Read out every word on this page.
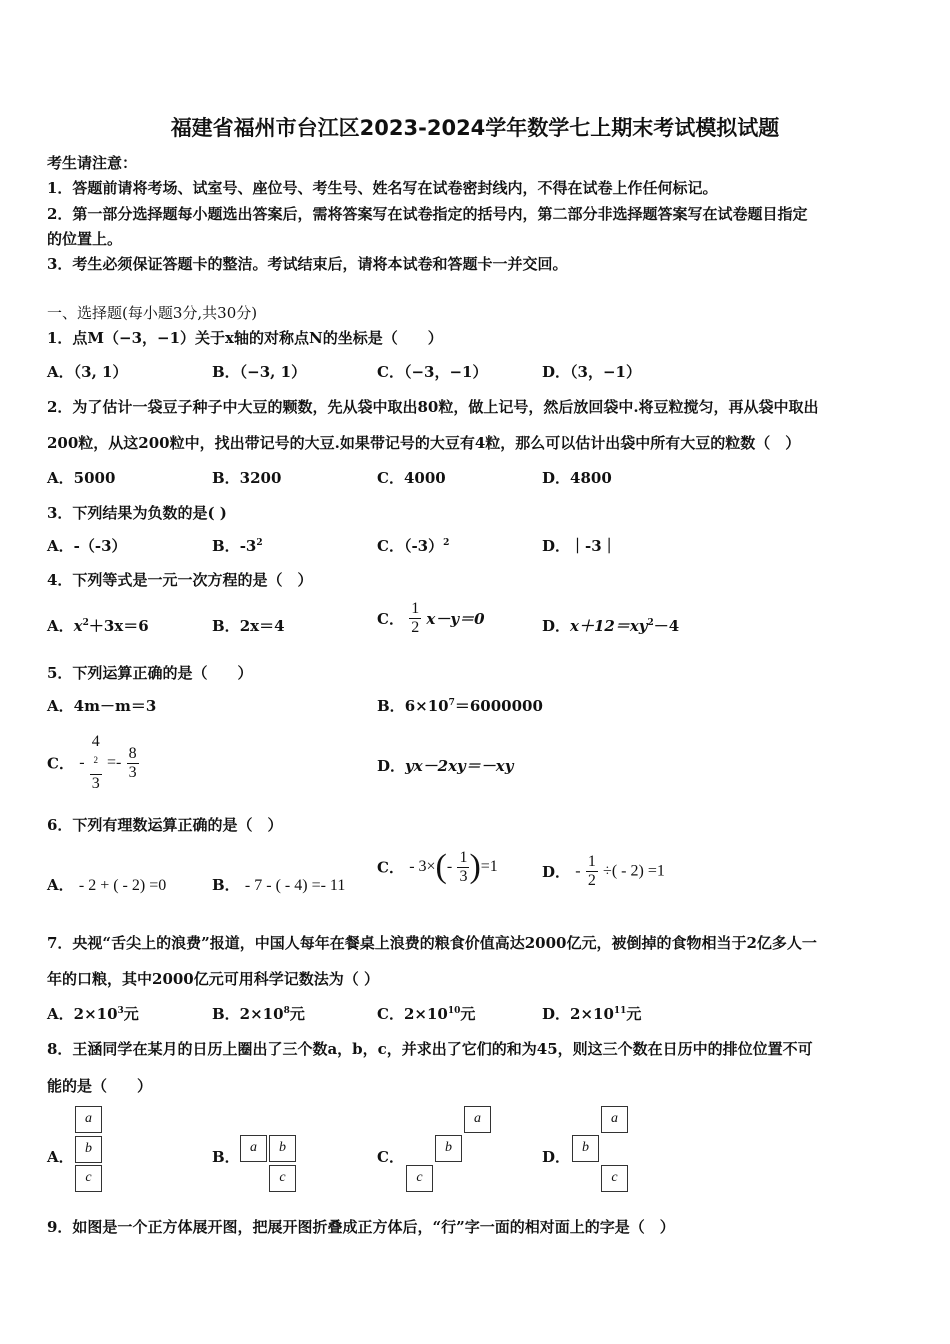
福建省福州市台江区2023-2024学年数学七上期末考试模拟试题
考生请注意：
1．答题前请将考场、试室号、座位号、考生号、姓名写在试卷密封线内，不得在试卷上作任何标记。
2．第一部分选择题每小题选出答案后，需将答案写在试卷指定的括号内，第二部分非选择题答案写在试卷题目指定
的位置上。
3．考生必须保证答题卡的整洁。考试结束后，请将本试卷和答题卡一并交回。
一、选择题(每小题3分,共30分)
1．点M（−3，−1）关于x轴的对称点N的坐标是（　　）
A．（3, 1）	B．（−3, 1）	C．（−3，−1）	D．（3，−1）
2．为了估计一袋豆子种子中大豆的颗数，先从袋中取出80粒，做上记号，然后放回袋中.将豆粒搅匀，再从袋中取出
200粒，从这200粒中，找出带记号的大豆.如果带记号的大豆有4粒，那么可以估计出袋中所有大豆的粒数（　）
A．5000	B．3200	C．4000	D．4800
3．下列结果为负数的是( )
A．-（-3）	B．$-3^2$	C．$(-3)^2$	D．｜-3｜
4．下列等式是一元一次方程的是（　）
A．$x^2+3x=6$	B．2x＝4	C． $\frac{1}{2} x-y=0$	D．$x+12=xy^2-4$
5．下列运算正确的是（　　）
A．4m－m＝3	B．$6\times 10^7=6000000$
C． - 4
$^2$
$3 =- \frac{8}{3}$	D．yx－2xy＝－xy
6．下列有理数运算正确的是（　）
A． - 2 + ( - 2) =0	B． - 7 - ( - 4) =- 11
C． - $3\times(- \frac{1}{3} )=1$	D． - $\frac{1}{2}$ ÷( - 2) =1
7．央视“舌尖上的浪费”报道，中国人每年在餐桌上浪费的粮食价值高达2000亿元，被倒掉的食物相当于2亿多人一
年的口粮，其中2000亿元可用科学记数法为（ ）
A．$2\times 10^3$元	B．$2\times 10^8$元	C．$2\times 10^{10}$元	D．$2\times 10^{11}$元
8．王涵同学在某月的日历上圈出了三个数a，b，c，并求出了它们的和为45，则这三个数在日历中的排位位置不可
能的是（　　）
A．
a
b
c
B．
a	b
c
C．
a
b
c
D．
a
b
c
9．如图是一个正方体展开图，把展开图折叠成正方体后，“行”字一面的相对面上的字是（　）
